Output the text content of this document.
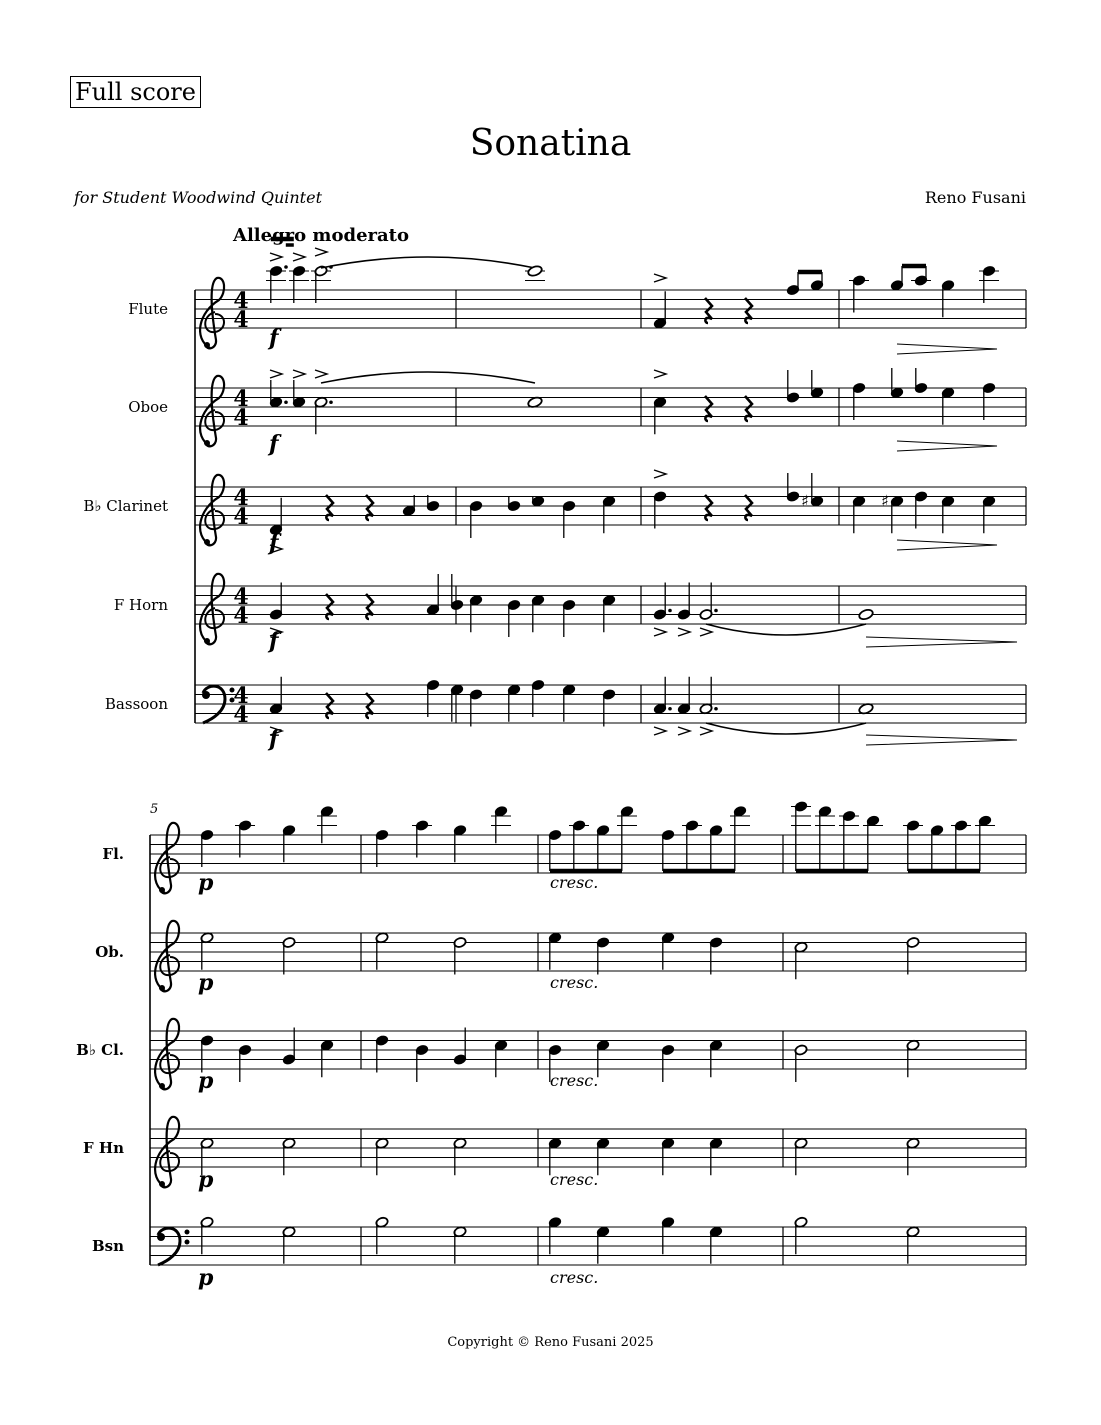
Full score
Sonatina
for Student Woodwind Quintet	Reno Fusani
Flute	4
4
Oboe	4
4
B♭ Clarinet	4
4
F Horn	4
4
Bassoon	4
4
Allegro moderato
♯	♯
f
f
f
f
f
Fl.
Ob.
B♭ Cl.
F Hn
Bsn
5
p	cresc.
p	cresc.
p	cresc.
p	cresc.
p	cresc.
Copyright © Reno Fusani 2025
